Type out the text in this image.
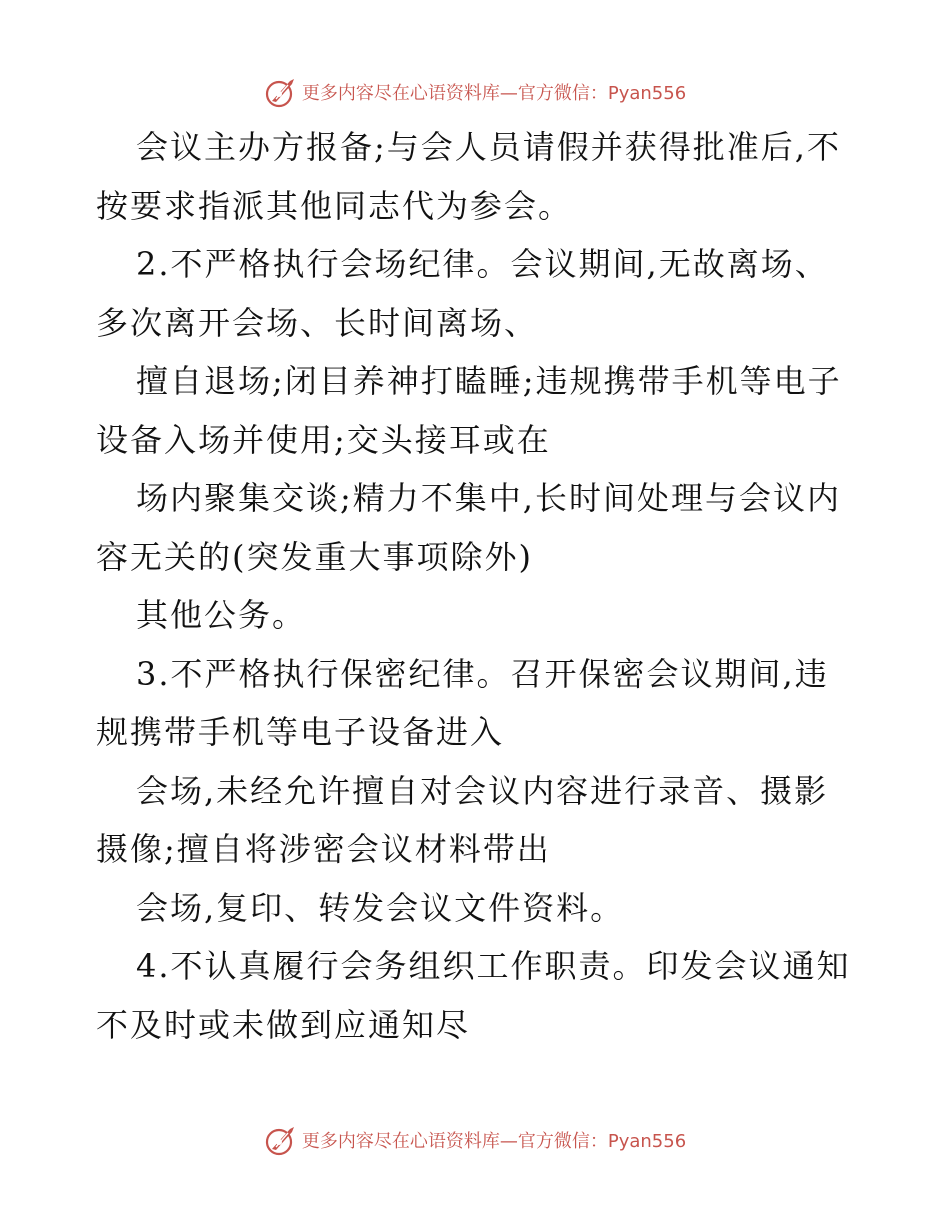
更多内容尽在心语资料库—官方微信：Pyan556
会议主办方报备;与会人员请假并获得批准后,不
按要求指派其他同志代为参会。
2.不严格执行会场纪律。会议期间,无故离场、
多次离开会场、长时间离场、
擅自退场;闭目养神打瞌睡;违规携带手机等电子
设备入场并使用;交头接耳或在
场内聚集交谈;精力不集中,长时间处理与会议内
容无关的(突发重大事项除外)
其他公务。
3.不严格执行保密纪律。召开保密会议期间,违
规携带手机等电子设备进入
会场,未经允许擅自对会议内容进行录音、摄影
摄像;擅自将涉密会议材料带出
会场,复印、转发会议文件资料。
4.不认真履行会务组织工作职责。印发会议通知
不及时或未做到应通知尽
更多内容尽在心语资料库—官方微信：Pyan556
